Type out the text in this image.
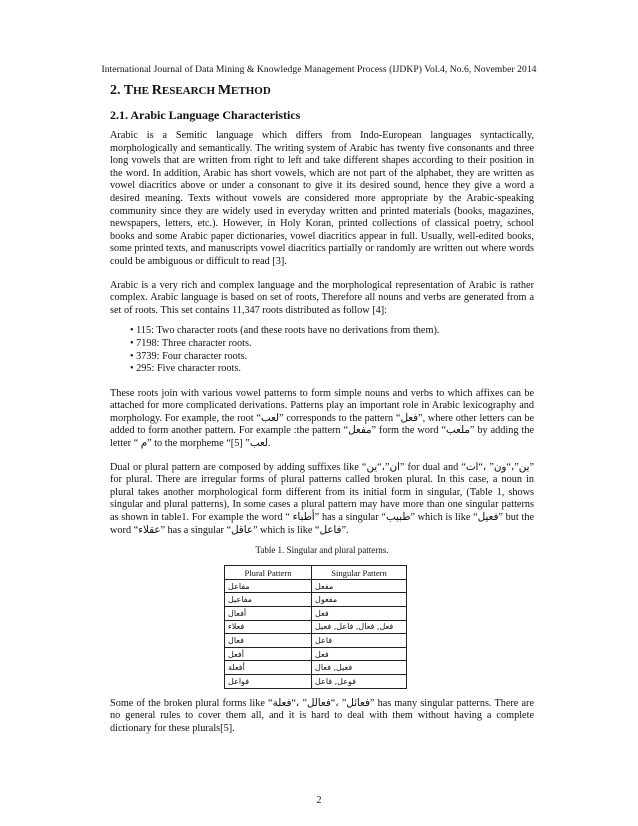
International Journal of Data Mining & Knowledge Management Process (IJDKP) Vol.4, No.6, November 2014
2. THE RESEARCH METHOD
2.1. Arabic Language Characteristics

Arabic is a Semitic language which differs from Indo-European languages syntactically, morphologically and semantically. The writing system of Arabic has twenty five consonants and three long vowels that are written from right to left and take different shapes according to their position in the word. In addition, Arabic has short vowels, which are not part of the alphabet, they are written as vowel diacritics above or under a consonant to give it its desired sound, hence they give a word a desired meaning. Texts without vowels are considered more appropriate by the Arabic-speaking community since they are widely used in everyday written and printed materials (books, magazines, newspapers, letters, etc.). However, in Holy Koran, printed collections of classical poetry, school books and some Arabic paper dictionaries, vowel diacritics appear in full. Usually, well-edited books, some printed texts, and manuscripts vowel diacritics partially or randomly are written out where words could be ambiguous or difficult to read [3].

Arabic is a very rich and complex language and the morphological representation of Arabic is rather complex. Arabic language is based on set of roots, Therefore all nouns and verbs are generated from a set of roots. This set contains 11,347 roots distributed as follow [4]:

• 115: Two character roots (and these roots have no derivations from them).
• 7198: Three character roots.
• 3739: Four character roots.
• 295: Five character roots.

These roots join with various vowel patterns to form simple nouns and verbs to which affixes can be attached for more complicated derivations. Patterns play an important role in Arabic lexicography and morphology. For example, the root “لعب” corresponds to the pattern “فعل”, where other letters can be added to form another pattern. For example :the pattern “مفعل” form the word “ملعب” by adding the letter “ م” to the morpheme “لعب” [5].

Dual or plural pattern are composed by adding suffixes like “ان”،“ين” for dual and “ين”،“ون” ،“ات” for plural. There are irregular forms of plural patterns called broken plural. In this case, a noun in plural takes another morphological form different from its initial form in singular, (Table 1, shows singular and plural patterns), In some cases a plural pattern may have more than one singular patterns as shown in table1. For example the word “ أطباء” has a singular “طبيب” which is like “فعيل” but the word “عقلاء” has a singular “عاقل” which is like “فاعل”.

Table 1. Singular and plural patterns.
Plural Pattern	Singular Pattern
مفاعل	مفعل
مفاعيل	مفعول
أفعال	فعل
فعلاء	فعل, فعال, فاعل, فعيل
فعال	فاعل
أفعل	فعل
أفعلة	فعيل, فعال
فواعل	فوعل, فاعل

Some of the broken plural forms like “فعائل” ،“فعالل” ،“فعلة” has many singular patterns. There are no general rules to cover them all, and it is hard to deal with them without having a complete dictionary for these plurals[5].

2
